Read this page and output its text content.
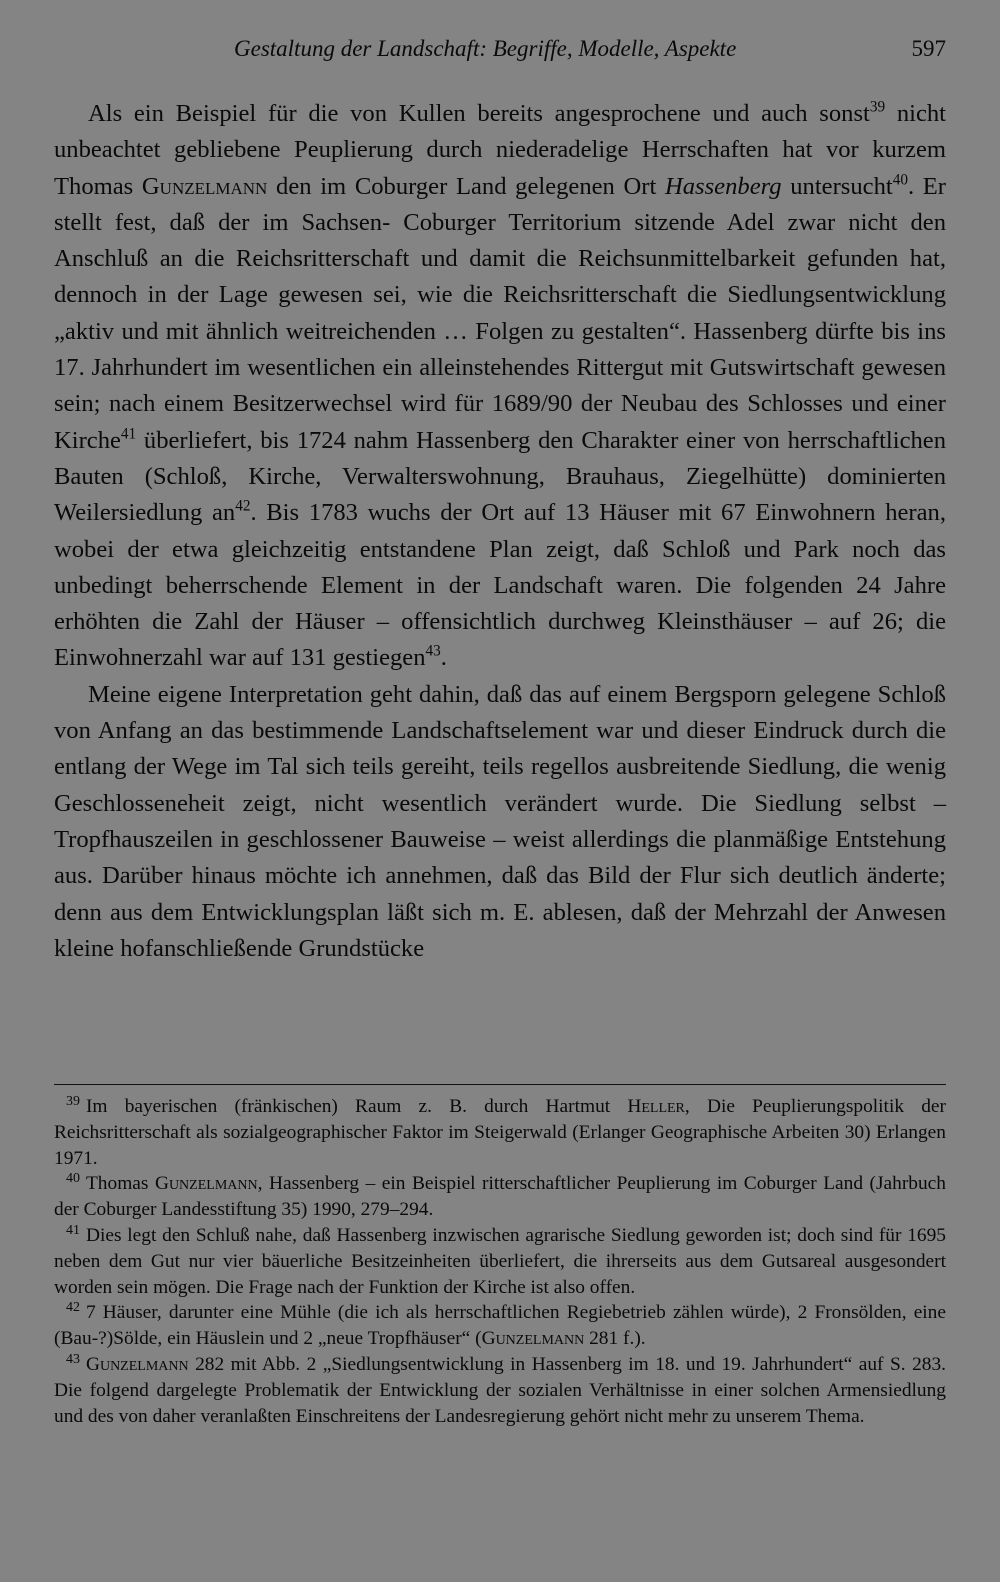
Gestaltung der Landschaft: Begriffe, Modelle, Aspekte	597

Als ein Beispiel für die von Kullen bereits angesprochene und auch sonst$^{39}$ nicht unbeachtet gebliebene Peuplierung durch niederadelige Herrschaften hat vor kurzem Thomas Gunzelmann den im Coburger Land gelegenen Ort Hassenberg untersucht$^{40}$. Er stellt fest, daß der im Sachsen- Coburger Territorium sitzende Adel zwar nicht den Anschluß an die Reichsritterschaft und damit die Reichsunmittelbarkeit gefunden hat, dennoch in der Lage gewesen sei, wie die Reichsritterschaft die Siedlungsentwicklung „aktiv und mit ähnlich weitreichenden … Folgen zu gestalten“. Hassenberg dürfte bis ins 17. Jahrhundert im wesentlichen ein alleinstehendes Rittergut mit Gutswirtschaft gewesen sein; nach einem Besitzerwechsel wird für 1689/90 der Neubau des Schlosses und einer Kirche$^{41}$ überliefert, bis 1724 nahm Hassenberg den Charakter einer von herrschaftlichen Bauten (Schloß, Kirche, Verwalterswohnung, Brauhaus, Ziegelhütte) dominierten Weilersiedlung $an^{42}$. Bis 1783 wuchs der Ort auf 13 Häuser mit 67 Einwohnern heran, wobei der etwa gleichzeitig entstandene Plan zeigt, daß Schloß und Park noch das unbedingt beherrschende Element in der Landschaft waren. Die folgenden 24 Jahre erhöhten die Zahl der Häuser – offensichtlich durchweg Kleinsthäuser – auf 26; die Einwohnerzahl war auf 131 gestiegen$^{43}$.

Meine eigene Interpretation geht dahin, daß das auf einem Bergsporn gelegene Schloß von Anfang an das bestimmende Landschaftselement war und dieser Eindruck durch die entlang der Wege im Tal sich teils gereiht, teils regellos ausbreitende Siedlung, die wenig Geschlosseneheit zeigt, nicht wesentlich verändert wurde. Die Siedlung selbst – Tropfhauszeilen in geschlossener Bauweise – weist allerdings die planmäßige Entstehung aus. Darüber hinaus möchte ich annehmen, daß das Bild der Flur sich deutlich änderte; denn aus dem Entwicklungsplan läßt sich m. E. ablesen, daß der Mehrzahl der Anwesen kleine hofanschließende Grundstücke

$^{39}$ Im bayerischen (fränkischen) Raum z. B. durch Hartmut Heller, Die Peuplierungspolitik der Reichsritterschaft als sozialgeographischer Faktor im Steigerwald (Erlanger Geographische Arbeiten 30) Erlangen 1971.

$^{40}$ Thomas Gunzelmann, Hassenberg – ein Beispiel ritterschaftlicher Peuplierung im Coburger Land (Jahrbuch der Coburger Landesstiftung 35) 1990, 279–294.

$^{41}$ Dies legt den Schluß nahe, daß Hassenberg inzwischen agrarische Siedlung geworden ist; doch sind für 1695 neben dem Gut nur vier bäuerliche Besitzeinheiten überliefert, die ihrerseits aus dem Gutsareal ausgesondert worden sein mögen. Die Frage nach der Funktion der Kirche ist also offen.

$^{42}$ 7 Häuser, darunter eine Mühle (die ich als herrschaftlichen Regiebetrieb zählen würde), 2 Fronsölden, eine (Bau-?)Sölde, ein Häuslein und 2 „neue Tropfhäuser“ (Gunzelmann 281 f.).

$^{43}$ Gunzelmann 282 mit Abb. 2 „Siedlungsentwicklung in Hassenberg im 18. und 19. Jahrhundert“ auf S. 283. Die folgend dargelegte Problematik der Entwicklung der sozialen Verhältnisse in einer solchen Armensiedlung und des von daher veranlaßten Einschreitens der Landesregierung gehört nicht mehr zu unserem Thema.
